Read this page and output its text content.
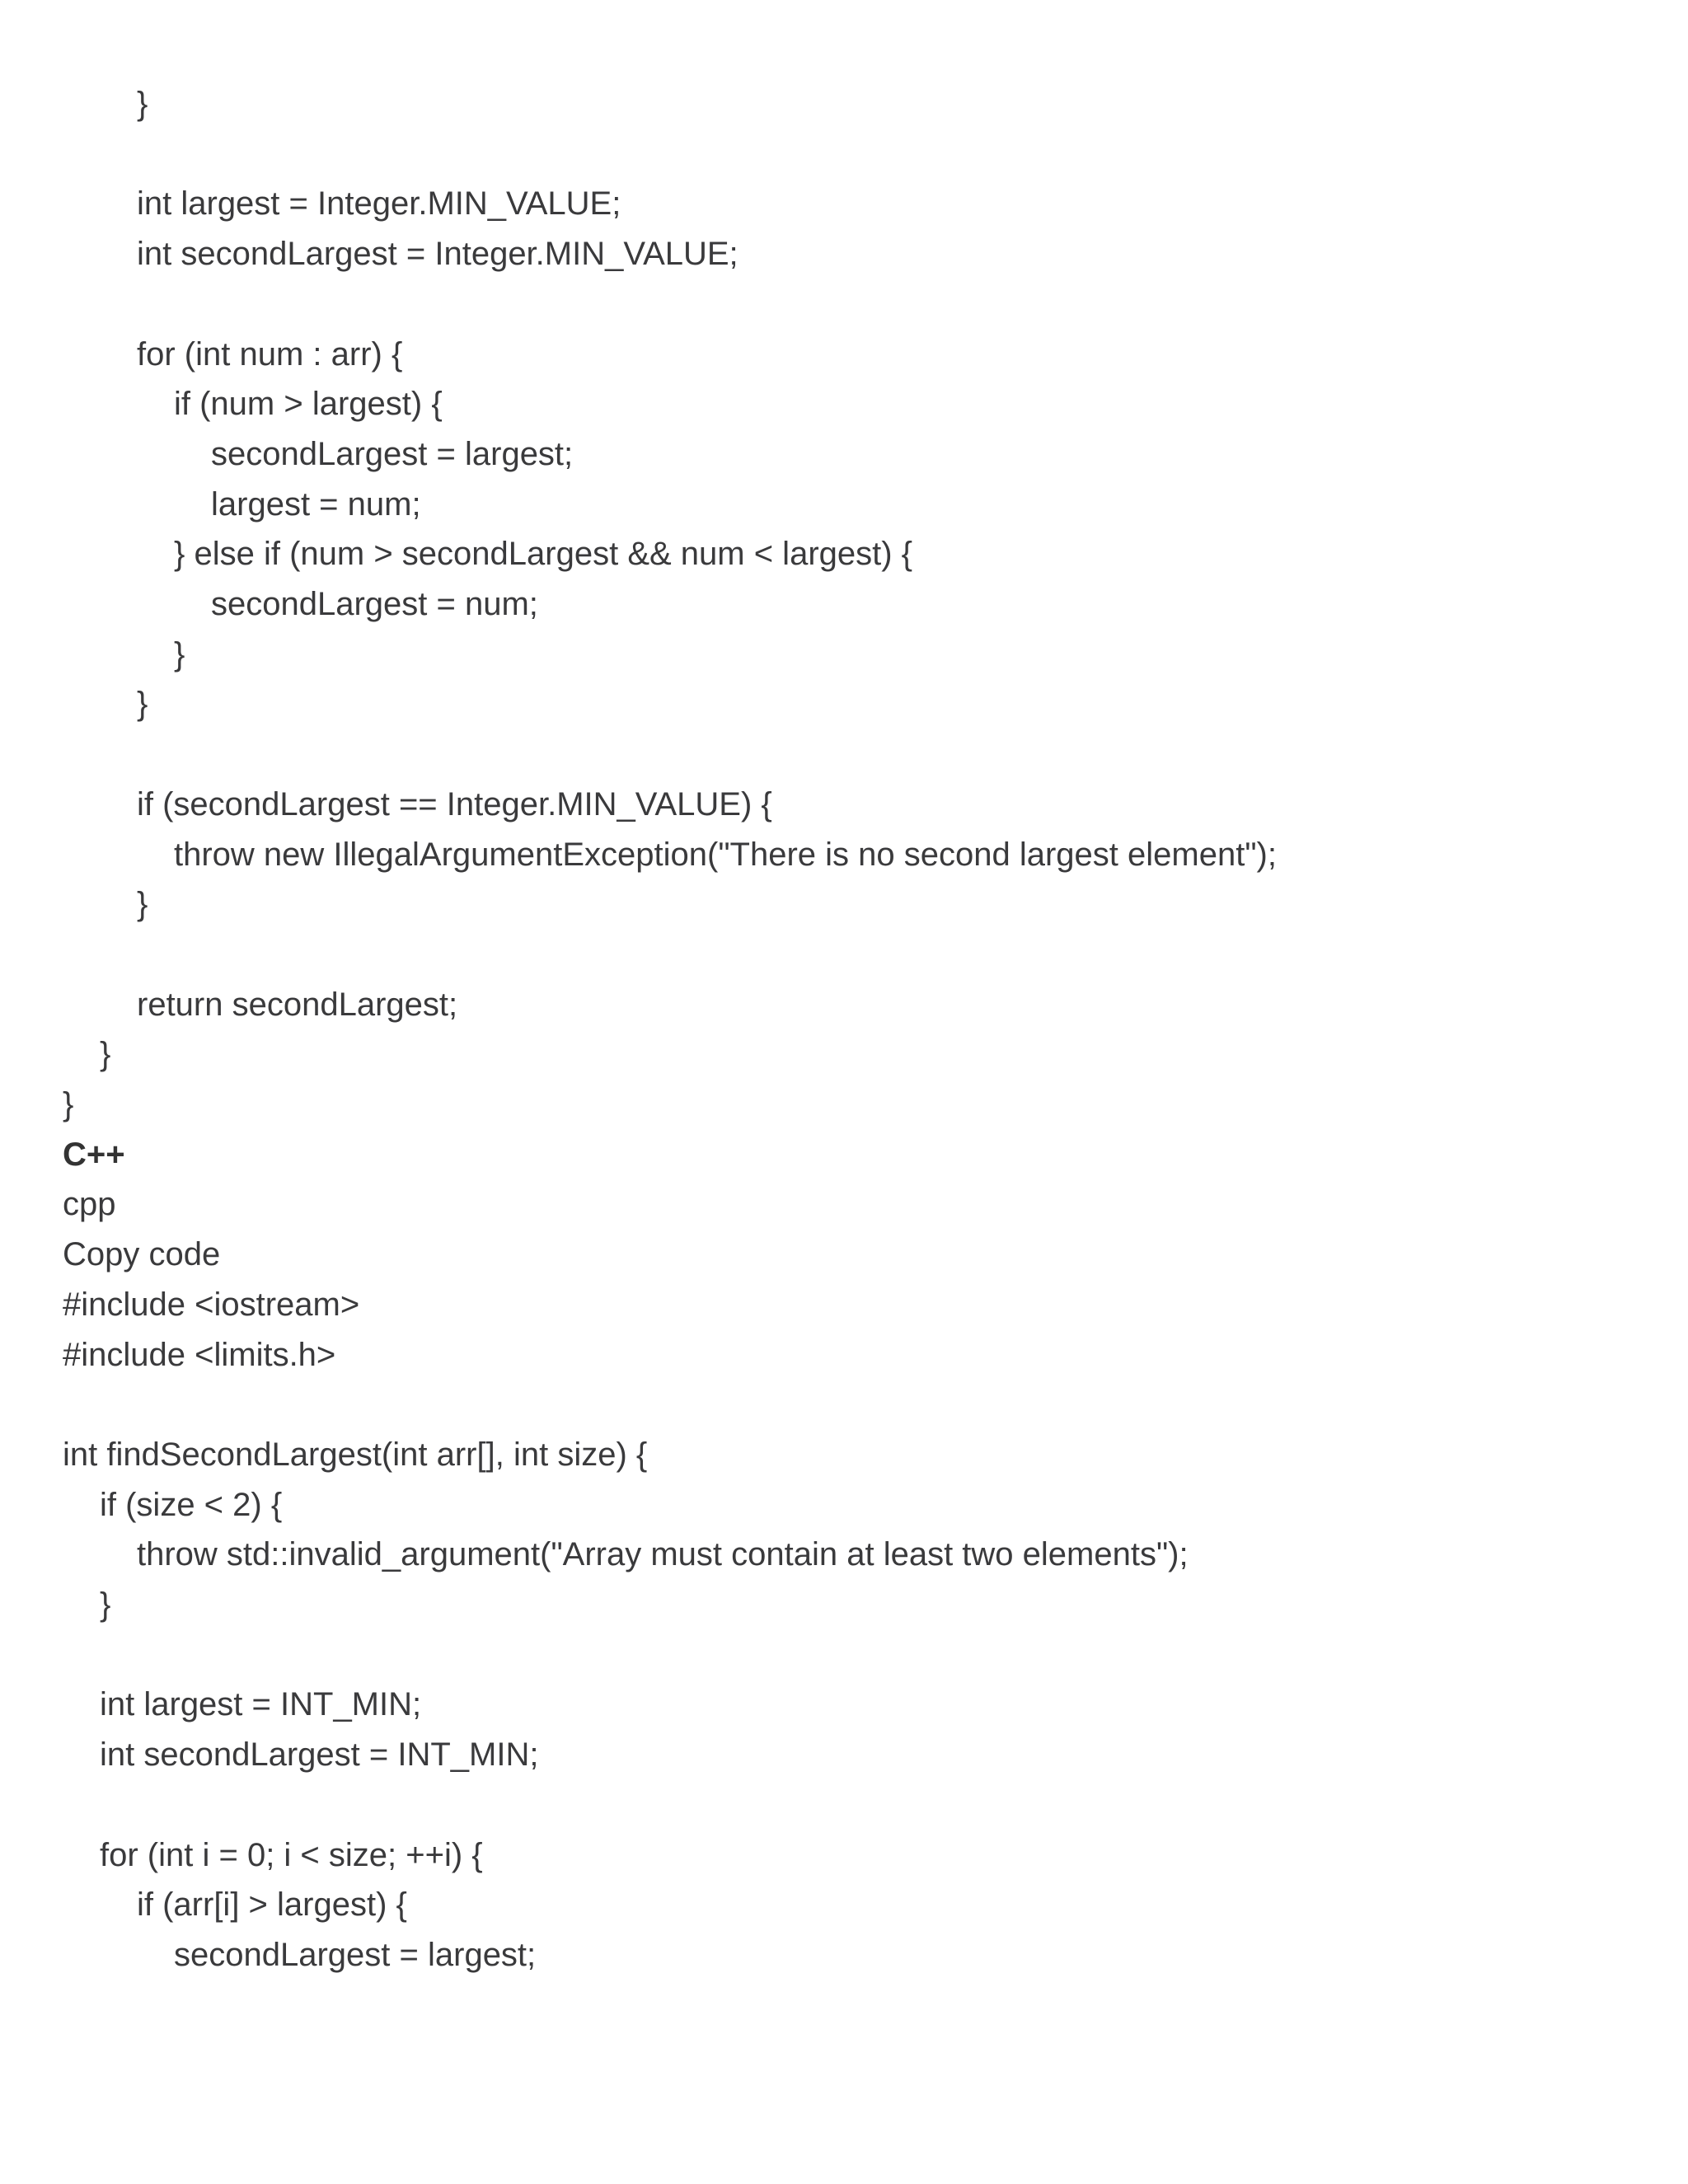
}
int largest = Integer.MIN_VALUE;
int secondLargest = Integer.MIN_VALUE;
for (int num : arr) {
if (num > largest) {
secondLargest = largest;
largest = num;
} else if (num > secondLargest && num < largest) {
secondLargest = num;
}
}
if (secondLargest == Integer.MIN_VALUE) {
throw new IllegalArgumentException("There is no second largest element");
}
return secondLargest;
}
}
C++
cpp
Copy code
#include <iostream>
#include <limits.h>
int findSecondLargest(int arr[], int size) {
if (size < 2) {
throw std::invalid_argument("Array must contain at least two elements");
}
int largest = INT_MIN;
int secondLargest = INT_MIN;
for (int i = 0; i < size; ++i) {
if (arr[i] > largest) {
secondLargest = largest;
